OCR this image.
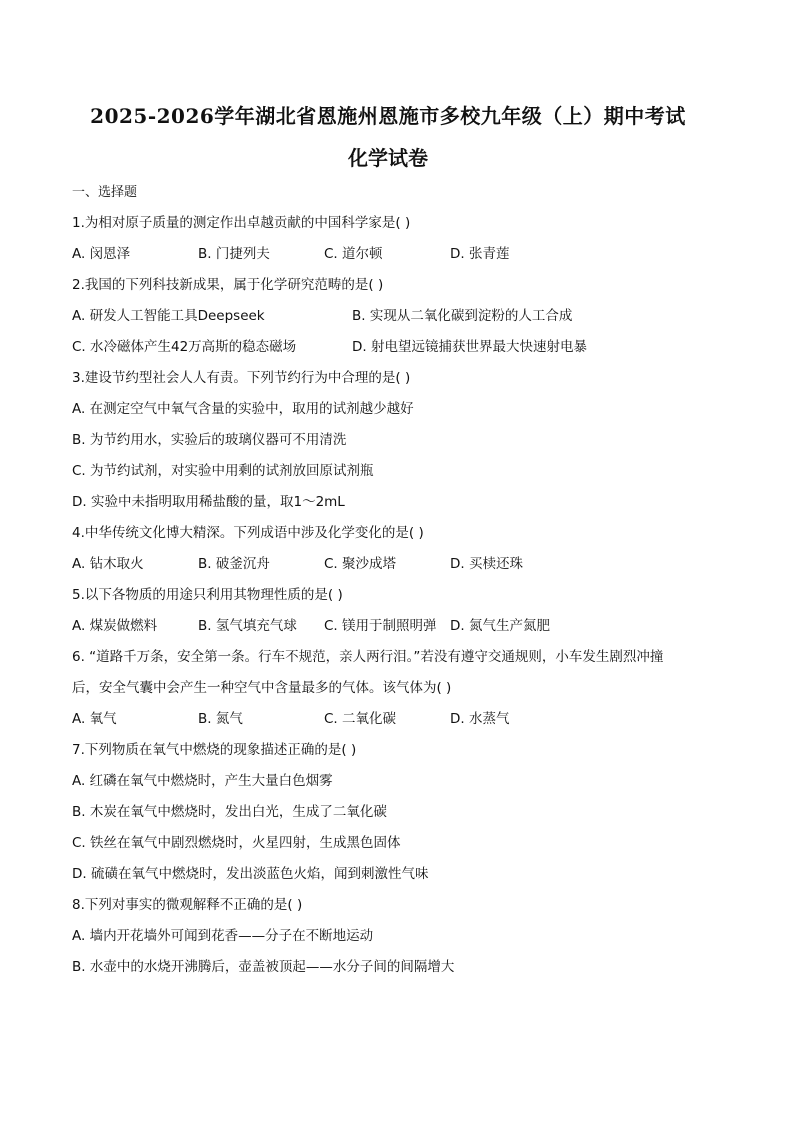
2025-2026学年湖北省恩施州恩施市多校九年级（上）期中考试
化学试卷
一、选择题
1.为相对原子质量的测定作出卓越贡献的中国科学家是( )
A. 闵恩泽	B. 门捷列夫	C. 道尔顿	D. 张青莲
2.我国的下列科技新成果，属于化学研究范畴的是( )
A. 研发人工智能工具Deepseek	B. 实现从二氧化碳到淀粉的人工合成
C. 水冷磁体产生42万高斯的稳态磁场	D. 射电望远镜捕获世界最大快速射电暴
3.建设节约型社会人人有责。下列节约行为中合理的是( )
A. 在测定空气中氧气含量的实验中，取用的试剂越少越好
B. 为节约用水，实验后的玻璃仪器可不用清洗
C. 为节约试剂，对实验中用剩的试剂放回原试剂瓶
D. 实验中未指明取用稀盐酸的量，取1～2mL
4.中华传统文化博大精深。下列成语中涉及化学变化的是( )
A. 钻木取火	B. 破釜沉舟	C. 聚沙成塔	D. 买椟还珠
5.以下各物质的用途只利用其物理性质的是( )
A. 煤炭做燃料	B. 氢气填充气球	C. 镁用于制照明弹 D. 氮气生产氮肥
6. “道路千万条，安全第一条。行车不规范，亲人两行泪。”若没有遵守交通规则，小车发生剧烈冲撞
后，安全气囊中会产生一种空气中含量最多的气体。该气体为( )
A. 氧气	B. 氮气	C. 二氧化碳	D. 水蒸气
7.下列物质在氧气中燃烧的现象描述正确的是( )
A. 红磷在氧气中燃烧时，产生大量白色烟雾
B. 木炭在氧气中燃烧时，发出白光，生成了二氧化碳
C. 铁丝在氧气中剧烈燃烧时，火星四射，生成黑色固体
D. 硫磺在氧气中燃烧时，发出淡蓝色火焰，闻到刺激性气味
8.下列对事实的微观解释不正确的是( )
A. 墙内开花墙外可闻到花香——分子在不断地运动
B. 水壶中的水烧开沸腾后，壶盖被顶起——水分子间的间隔增大
